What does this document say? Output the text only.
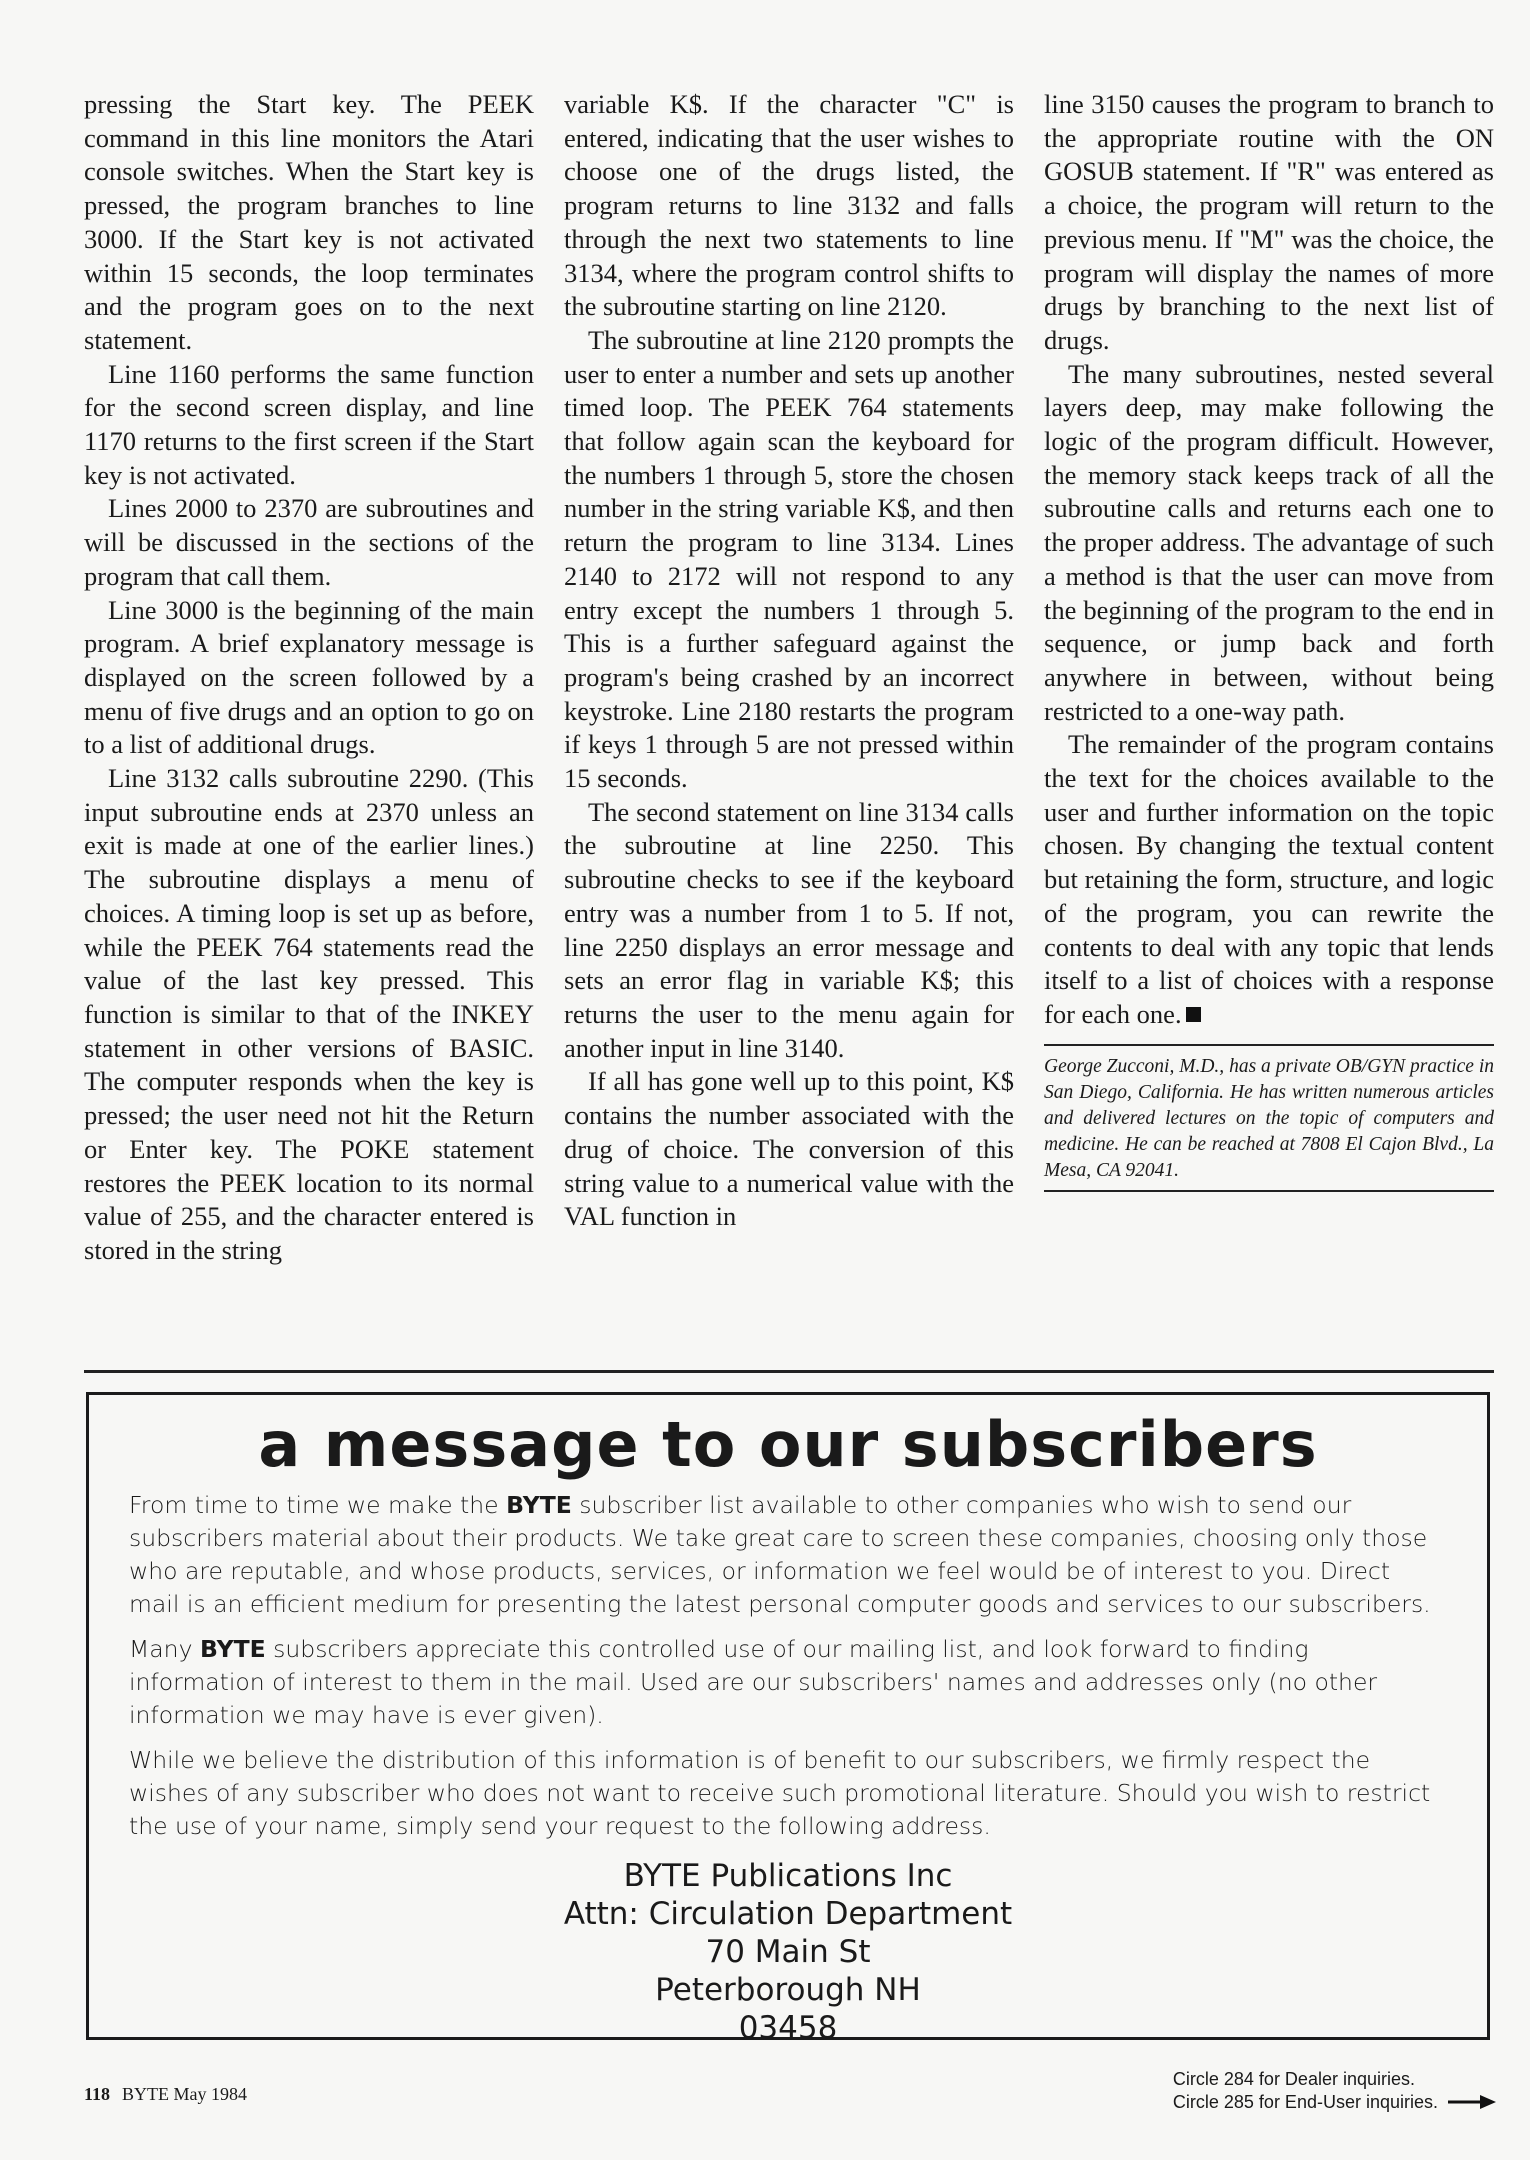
pressing the Start key. The PEEK command in this line monitors the Atari console switches. When the Start key is pressed, the program branches to line 3000. If the Start key is not activated within 15 seconds, the loop terminates and the program goes on to the next statement.

Line 1160 performs the same function for the second screen display, and line 1170 returns to the first screen if the Start key is not activated.

Lines 2000 to 2370 are subroutines and will be discussed in the sections of the program that call them.

Line 3000 is the beginning of the main program. A brief explanatory message is displayed on the screen followed by a menu of five drugs and an option to go on to a list of additional drugs.

Line 3132 calls subroutine 2290. (This input subroutine ends at 2370 unless an exit is made at one of the earlier lines.) The subroutine displays a menu of choices. A timing loop is set up as before, while the PEEK 764 statements read the value of the last key pressed. This function is similar to that of the INKEY statement in other versions of BASIC. The computer responds when the key is pressed; the user need not hit the Return or Enter key. The POKE statement restores the PEEK location to its normal value of 255, and the character entered is stored in the string

variable K$. If the character "C" is entered, indicating that the user wishes to choose one of the drugs listed, the program returns to line 3132 and falls through the next two statements to line 3134, where the program control shifts to the subroutine starting on line 2120.

The subroutine at line 2120 prompts the user to enter a number and sets up another timed loop. The PEEK 764 statements that follow again scan the keyboard for the numbers 1 through 5, store the chosen number in the string variable K$, and then return the program to line 3134. Lines 2140 to 2172 will not respond to any entry except the numbers 1 through 5. This is a further safeguard against the program's being crashed by an incorrect keystroke. Line 2180 restarts the program if keys 1 through 5 are not pressed within 15 seconds.

The second statement on line 3134 calls the subroutine at line 2250. This subroutine checks to see if the keyboard entry was a number from 1 to 5. If not, line 2250 displays an error message and sets an error flag in variable K$; this returns the user to the menu again for another input in line 3140.

If all has gone well up to this point, K$ contains the number associated with the drug of choice. The conversion of this string value to a numerical value with the VAL function in

line 3150 causes the program to branch to the appropriate routine with the ON GOSUB statement. If "R" was entered as a choice, the program will return to the previous menu. If "M" was the choice, the program will display the names of more drugs by branching to the next list of drugs.

The many subroutines, nested several layers deep, may make following the logic of the program difficult. However, the memory stack keeps track of all the subroutine calls and returns each one to the proper address. The advantage of such a method is that the user can move from the beginning of the program to the end in sequence, or jump back and forth anywhere in between, without being restricted to a one-way path.

The remainder of the program contains the text for the choices available to the user and further information on the topic chosen. By changing the textual content but retaining the form, structure, and logic of the program, you can rewrite the contents to deal with any topic that lends itself to a list of choices with a response for each one.

George Zucconi, M.D., has a private OB/GYN practice in San Diego, California. He has written numerous articles and delivered lectures on the topic of computers and medicine. He can be reached at 7808 El Cajon Blvd., La Mesa, CA 92041.
a message to our subscribers

From time to time we make the BYTE subscriber list available to other companies who wish to send our subscribers material about their products. We take great care to screen these companies, choosing only those who are reputable, and whose products, services, or information we feel would be of interest to you. Direct mail is an efficient medium for presenting the latest personal computer goods and services to our subscribers.

Many BYTE subscribers appreciate this controlled use of our mailing list, and look forward to finding information of interest to them in the mail. Used are our subscribers' names and addresses only (no other information we may have is ever given).

While we believe the distribution of this information is of benefit to our subscribers, we firmly respect the wishes of any subscriber who does not want to receive such promotional literature. Should you wish to restrict the use of your name, simply send your request to the following address.

BYTE Publications Inc
Attn: Circulation Department
70 Main St
Peterborough NH
03458
118 BYTE May 1984
Circle 284 for Dealer inquiries.
Circle 285 for End-User inquiries.
